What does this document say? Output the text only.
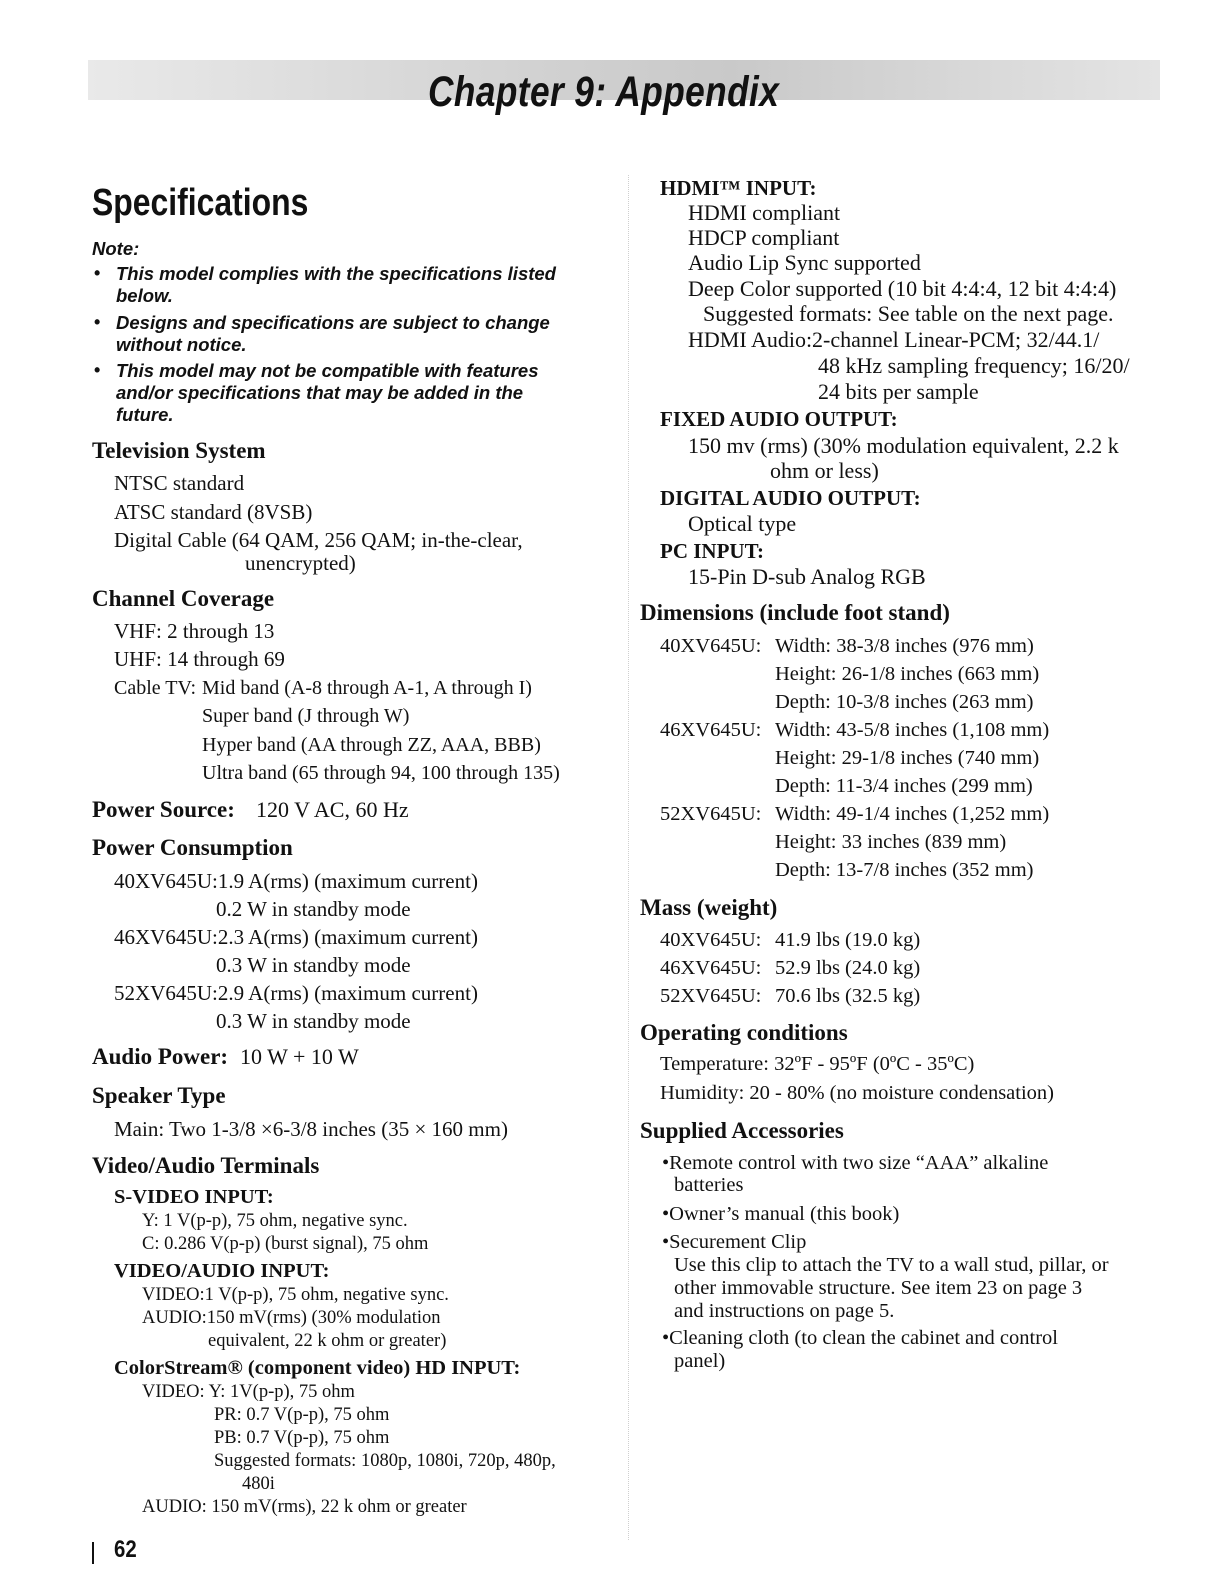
Chapter 9: Appendix
Specifications
Note:
• This model complies with the specifications listed
below.
• Designs and specifications are subject to change
without notice.
• This model may not be compatible with features
and/or specifications that may be added in the
future.
Television System
NTSC standard
ATSC standard (8VSB)
Digital Cable (64 QAM, 256 QAM; in-the-clear,
unencrypted)
Channel Coverage
VHF: 2 through 13
UHF: 14 through 69
Cable TV: Mid band (A-8 through A-1, A through I)
Super band (J through W)
Hyper band (AA through ZZ, AAA, BBB)
Ultra band (65 through 94, 100 through 135)
Power Source: 120 V AC, 60 Hz
Power Consumption
40XV645U:1.9 A(rms) (maximum current)
0.2 W in standby mode
46XV645U:2.3 A(rms) (maximum current)
0.3 W in standby mode
52XV645U:2.9 A(rms) (maximum current)
0.3 W in standby mode
Audio Power: 10 W + 10 W
Speaker Type
Main: Two 1-3/8 ×6-3/8 inches (35 × 160 mm)
Video/Audio Terminals
S-VIDEO INPUT:
Y: 1 V(p-p), 75 ohm, negative sync.
C: 0.286 V(p-p) (burst signal), 75 ohm
VIDEO/AUDIO INPUT:
VIDEO:1 V(p-p), 75 ohm, negative sync.
AUDIO:150 mV(rms) (30% modulation
equivalent, 22 k ohm or greater)
ColorStream® (component video) HD INPUT:
VIDEO: Y: 1V(p-p), 75 ohm
PR: 0.7 V(p-p), 75 ohm
PB: 0.7 V(p-p), 75 ohm
Suggested formats: 1080p, 1080i, 720p, 480p,
480i
AUDIO: 150 mV(rms), 22 k ohm or greater
HDMI™ INPUT:
HDMI compliant
HDCP compliant
Audio Lip Sync supported
Deep Color supported (10 bit 4:4:4, 12 bit 4:4:4)
Suggested formats: See table on the next page.
HDMI Audio:2-channel Linear-PCM; 32/44.1/
48 kHz sampling frequency; 16/20/
24 bits per sample
FIXED AUDIO OUTPUT:
150 mv (rms) (30% modulation equivalent, 2.2 k
ohm or less)
DIGITAL AUDIO OUTPUT:
Optical type
PC INPUT:
15-Pin D-sub Analog RGB
Dimensions (include foot stand)
40XV645U: Width: 38-3/8 inches (976 mm)
Height: 26-1/8 inches (663 mm)
Depth: 10-3/8 inches (263 mm)
46XV645U: Width: 43-5/8 inches (1,108 mm)
Height: 29-1/8 inches (740 mm)
Depth: 11-3/4 inches (299 mm)
52XV645U: Width: 49-1/4 inches (1,252 mm)
Height: 33 inches (839 mm)
Depth: 13-7/8 inches (352 mm)
Mass (weight)
40XV645U: 41.9 lbs (19.0 kg)
46XV645U: 52.9 lbs (24.0 kg)
52XV645U: 70.6 lbs (32.5 kg)
Operating conditions
Temperature: 32ºF - 95ºF (0ºC - 35ºC)
Humidity: 20 - 80% (no moisture condensation)
Supplied Accessories
•Remote control with two size “AAA” alkaline
batteries
•Owner’s manual (this book)
•Securement Clip
Use this clip to attach the TV to a wall stud, pillar, or
other immovable structure. See item 23 on page 3
and instructions on page 5.
•Cleaning cloth (to clean the cabinet and control
panel)
62
